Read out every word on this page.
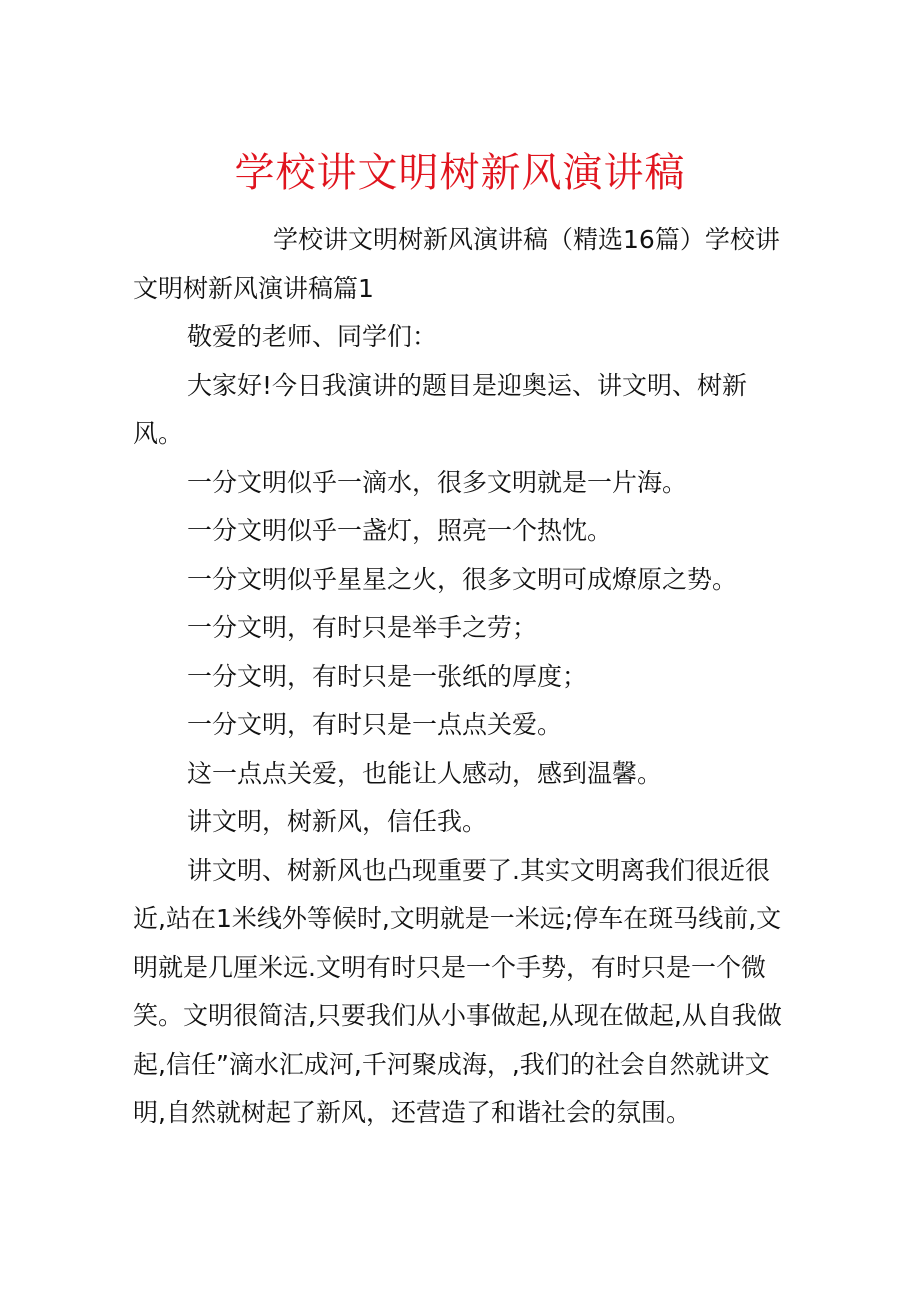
学校讲文明树新风演讲稿

学校讲文明树新风演讲稿（精选16篇）学校讲文明树新风演讲稿篇1

敬爱的老师、同学们：

大家好!今日我演讲的题目是迎奥运、讲文明、树新风。

一分文明似乎一滴水，很多文明就是一片海。

一分文明似乎一盏灯，照亮一个热忱。

一分文明似乎星星之火，很多文明可成燎原之势。

一分文明，有时只是举手之劳；

一分文明，有时只是一张纸的厚度；

一分文明，有时只是一点点关爱。

这一点点关爱，也能让人感动，感到温馨。

讲文明，树新风，信任我。

讲文明、树新风也凸现重要了.其实文明离我们很近很近,站在1米线外等候时,文明就是一米远;停车在斑马线前,文明就是几厘米远.文明有时只是一个手势，有时只是一个微笑。文明很简洁,只要我们从小事做起,从现在做起,从自我做起,信任”滴水汇成河,千河聚成海，,我们的社会自然就讲文明,自然就树起了新风，还营造了和谐社会的氛围。
